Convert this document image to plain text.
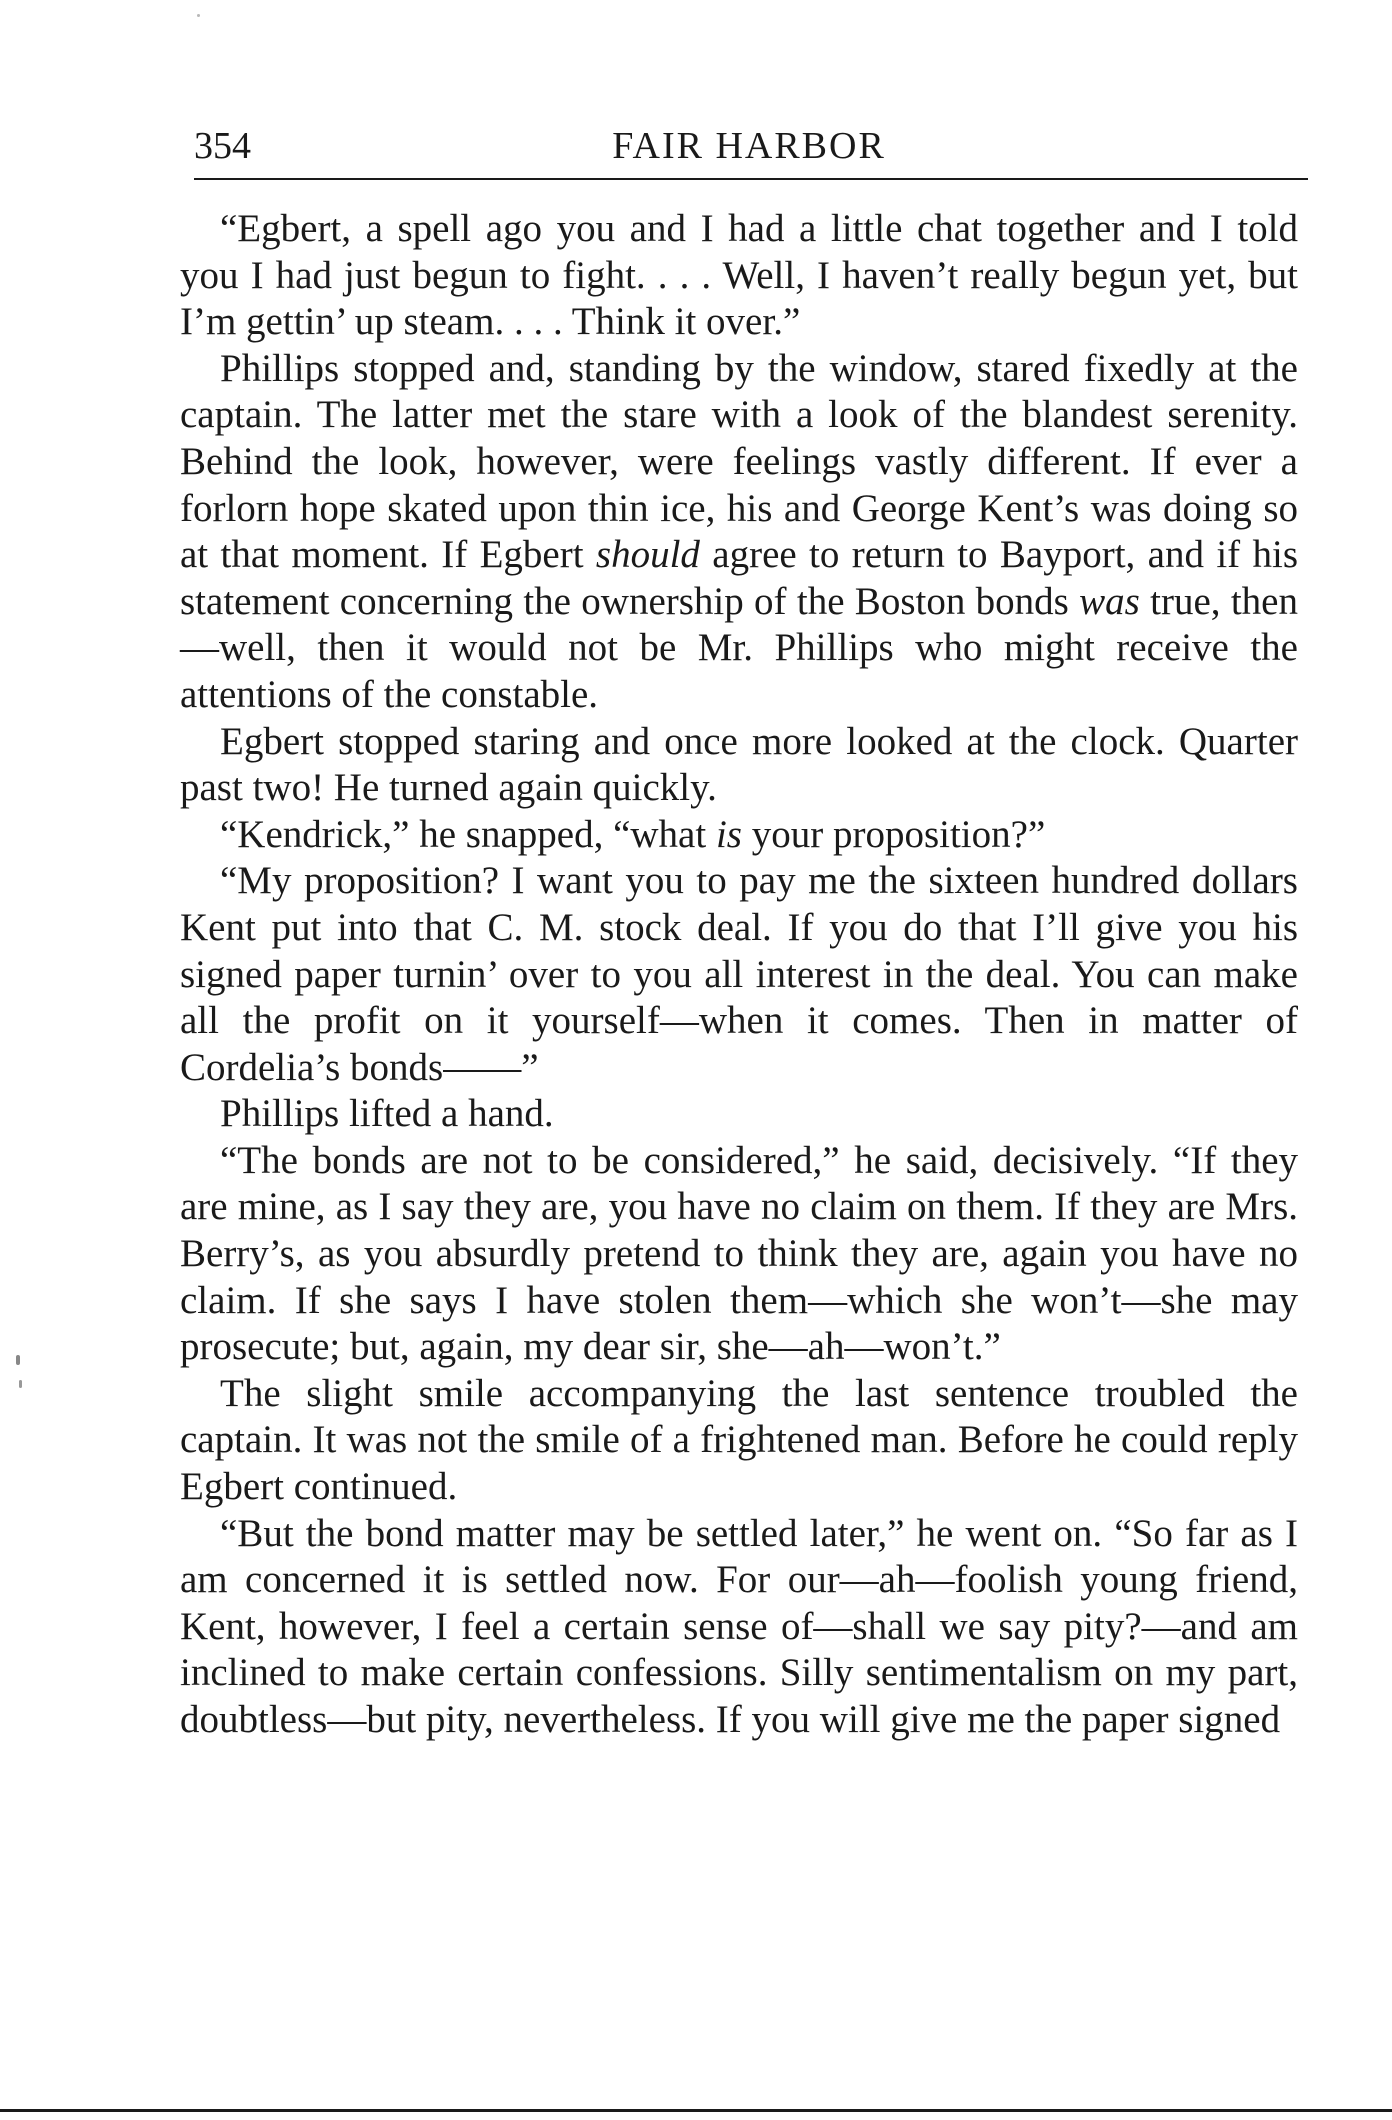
354	FAIR HARBOR

“Egbert, a spell ago you and I had a little chat together and I told you I had just begun to fight. . . . Well, I haven’t really begun yet, but I’m gettin’ up steam. . . . Think it over.”

Phillips stopped and, standing by the window, stared fixedly at the captain. The latter met the stare with a look of the blandest serenity. Behind the look, however, were feelings vastly different. If ever a forlorn hope skated upon thin ice, his and George Kent’s was doing so at that moment. If Egbert should agree to return to Bayport, and if his statement concerning the ownership of the Boston bonds was true, then—well, then it would not be Mr. Phillips who might receive the attentions of the constable.

Egbert stopped staring and once more looked at the clock. Quarter past two! He turned again quickly.

“Kendrick,” he snapped, “what is your proposition?”

“My proposition? I want you to pay me the sixteen hundred dollars Kent put into that C. M. stock deal. If you do that I’ll give you his signed paper turnin’ over to you all interest in the deal. You can make all the profit on it yourself—when it comes. Then in matter of Cordelia’s bonds——”

Phillips lifted a hand.

“The bonds are not to be considered,” he said, decisively. “If they are mine, as I say they are, you have no claim on them. If they are Mrs. Berry’s, as you absurdly pretend to think they are, again you have no claim. If she says I have stolen them—which she won’t—she may prosecute; but, again, my dear sir, she—ah—won’t.”

The slight smile accompanying the last sentence troubled the captain. It was not the smile of a frightened man. Before he could reply Egbert continued.

“But the bond matter may be settled later,” he went on. “So far as I am concerned it is settled now. For our—ah—foolish young friend, Kent, however, I feel a certain sense of—shall we say pity?—and am inclined to make certain confessions. Silly sentimentalism on my part, doubtless—but pity, nevertheless. If you will give me the paper signed
